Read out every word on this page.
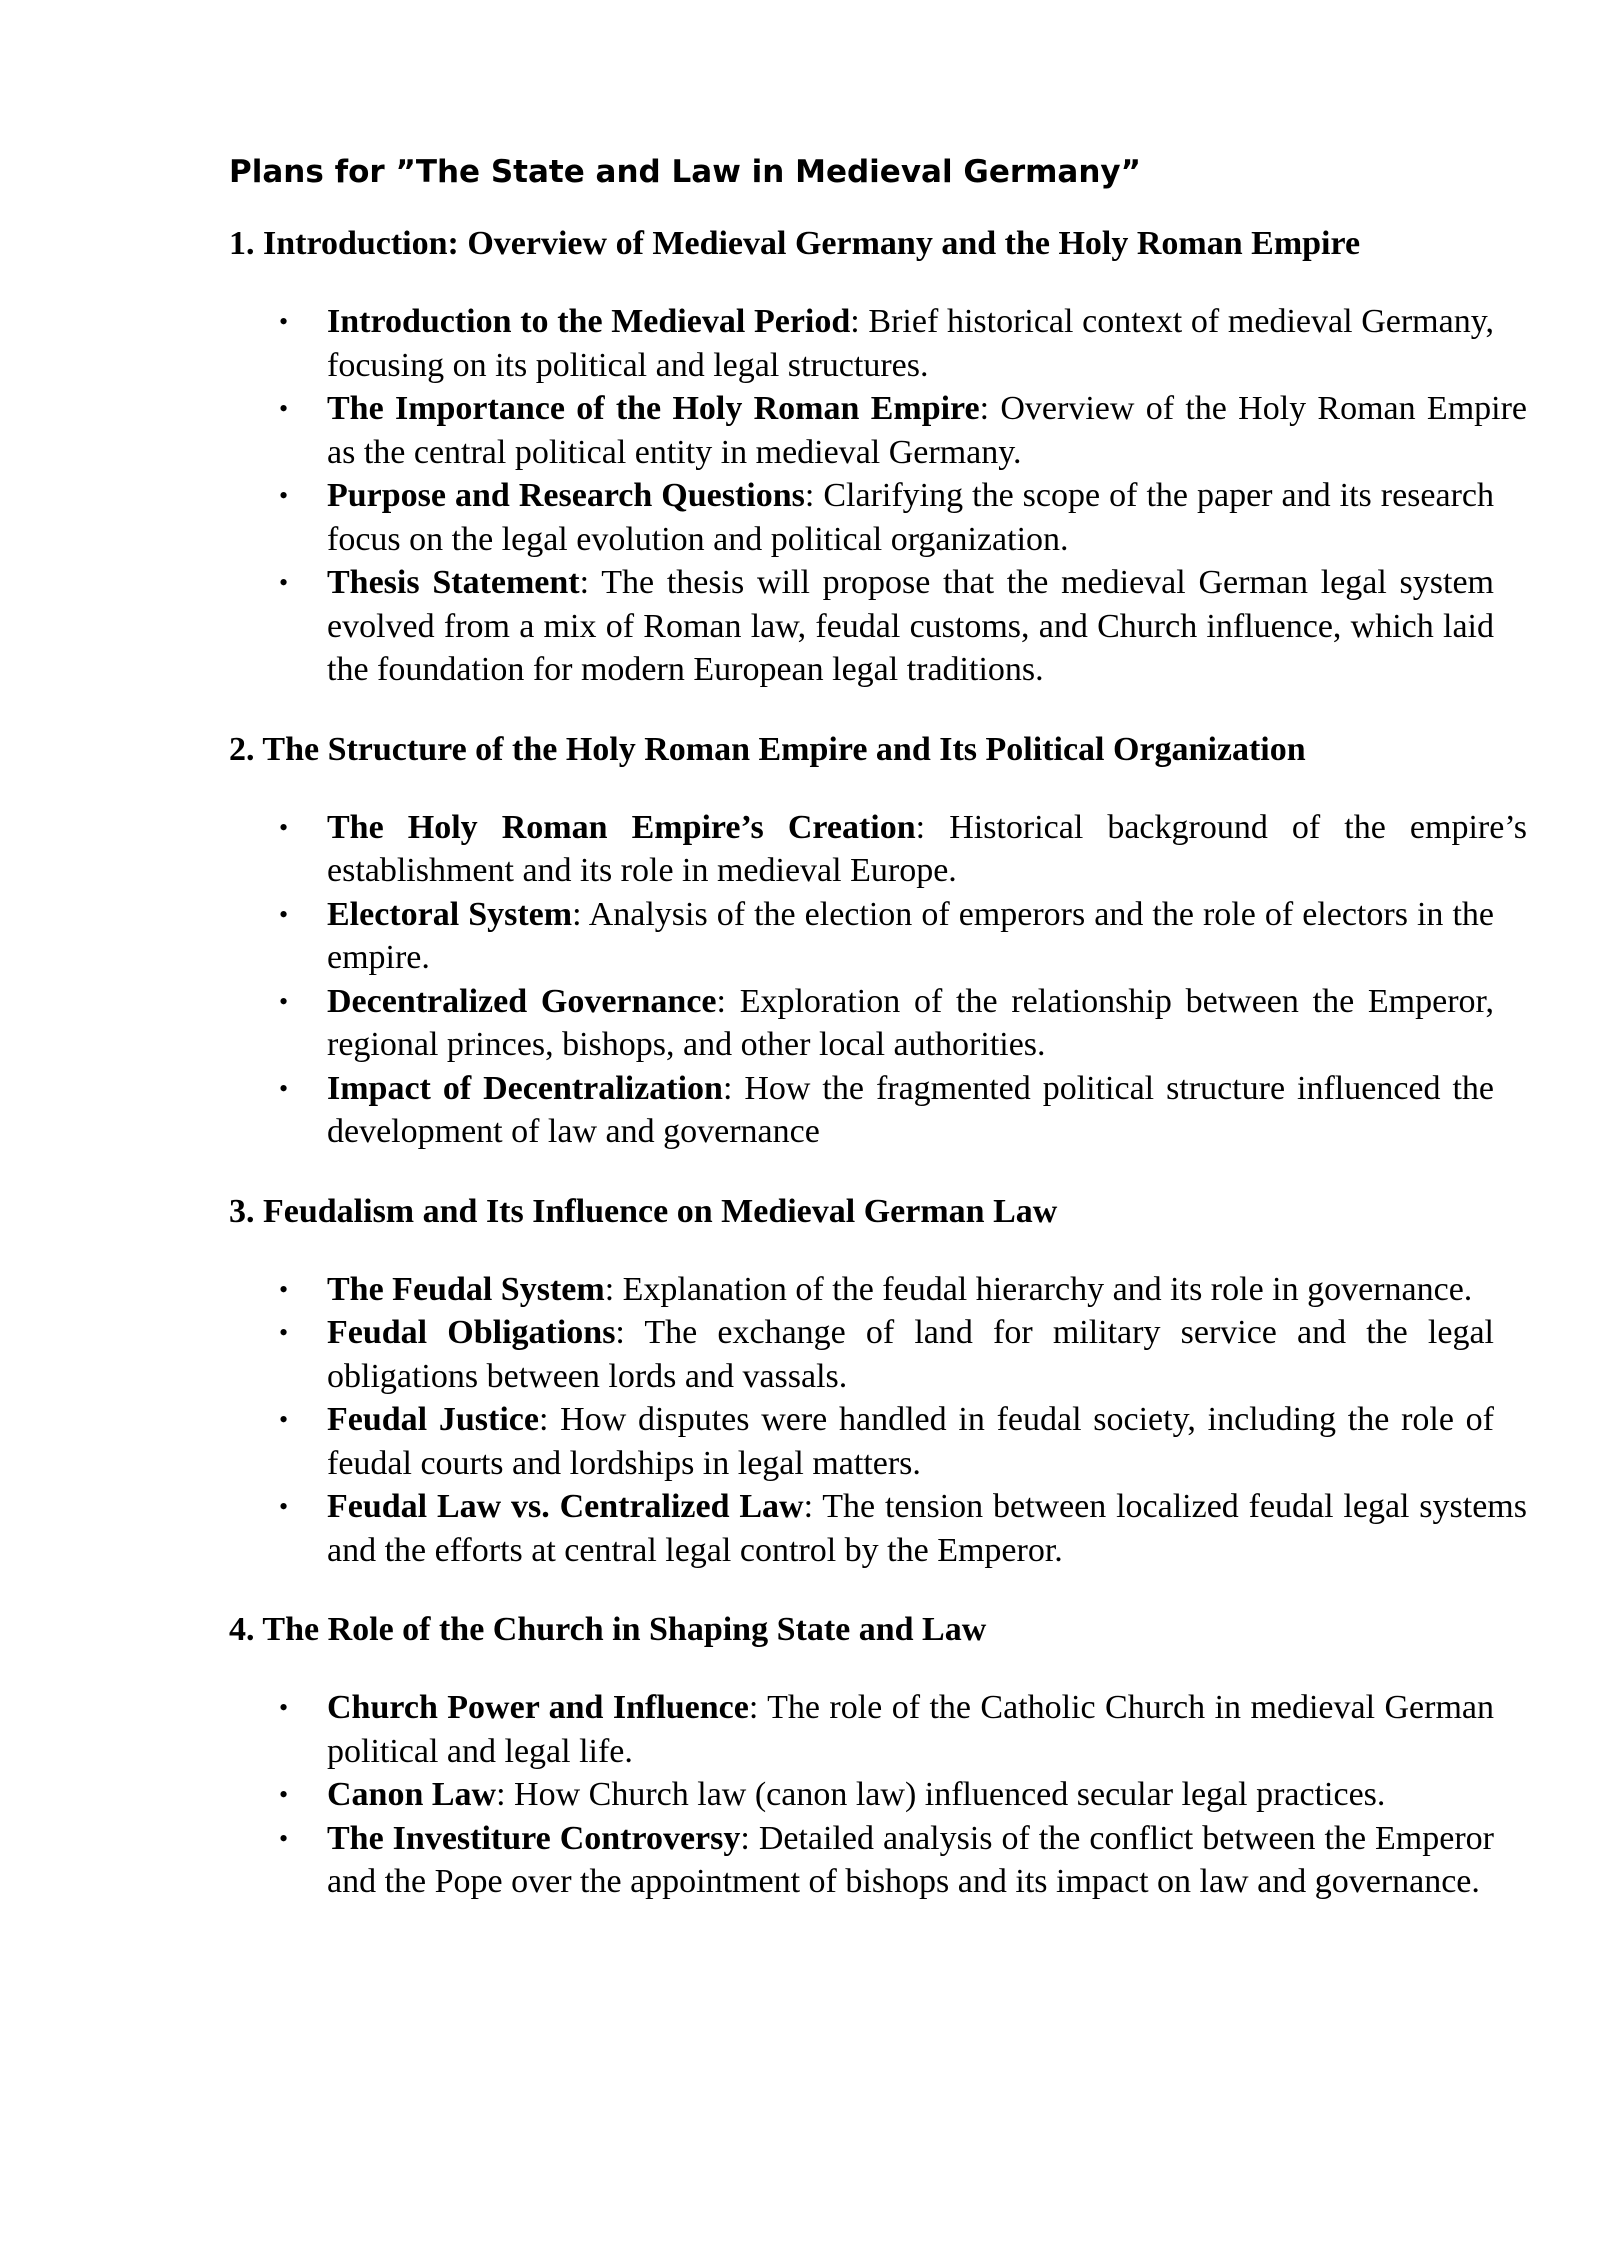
Plans for ”The State and Law in Medieval Germany”
1. Introduction: Overview of Medieval Germany and the Holy Roman Empire
•	Introduction to the Medieval Period: Brief historical context of medieval Germany, focusing on its political and legal structures.
•	The Importance of the Holy Roman Empire: Overview of the Holy Roman Empire as the central political entity in medieval Germany.
•	Purpose and Research Questions: Clarifying the scope of the paper and its research focus on the legal evolution and political organization.
•	Thesis Statement: The thesis will propose that the medieval German legal system evolved from a mix of Roman law, feudal customs, and Church influence, which laid the foundation for modern European legal traditions.
2. The Structure of the Holy Roman Empire and Its Political Organization
•	The Holy Roman Empire’s Creation: Historical background of the empire’s establishment and its role in medieval Europe.
•	Electoral System: Analysis of the election of emperors and the role of electors in the empire.
•	Decentralized Governance: Exploration of the relationship between the Emperor, regional princes, bishops, and other local authorities.
•	Impact of Decentralization: How the fragmented political structure influenced the development of law and governance
3. Feudalism and Its Influence on Medieval German Law
•	The Feudal System: Explanation of the feudal hierarchy and its role in governance.
•	Feudal Obligations: The exchange of land for military service and the legal obligations between lords and vassals.
•	Feudal Justice: How disputes were handled in feudal society, including the role of feudal courts and lordships in legal matters.
•	Feudal Law vs. Centralized Law: The tension between localized feudal legal systems and the efforts at central legal control by the Emperor.
4. The Role of the Church in Shaping State and Law
•	Church Power and Influence: The role of the Catholic Church in medieval German political and legal life.
•	Canon Law: How Church law (canon law) influenced secular legal practices.
•	The Investiture Controversy: Detailed analysis of the conflict between the Emperor and the Pope over the appointment of bishops and its impact on law and governance.
